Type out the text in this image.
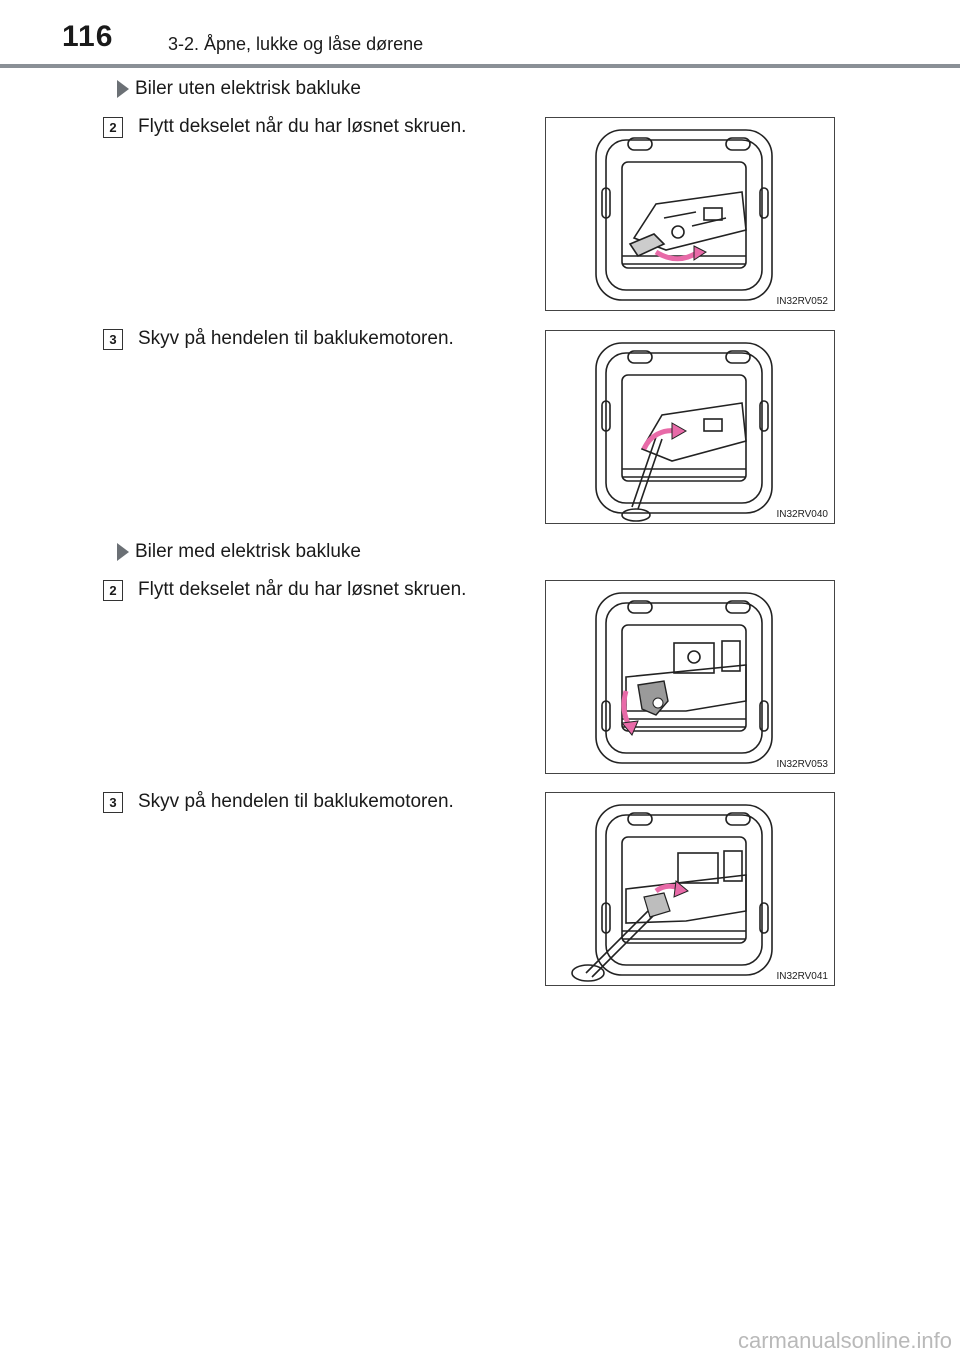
116	3-2. Åpne, lukke og låse dørene
Biler uten elektrisk bakluke
2	Flytt dekselet når du har løsnet skruen.
IN32RV052
3	Skyv på hendelen til baklukemotoren.
IN32RV040
Biler med elektrisk bakluke
2	Flytt dekselet når du har løsnet skruen.
IN32RV053
3	Skyv på hendelen til baklukemotoren.
IN32RV041
carmanualsonline.info
